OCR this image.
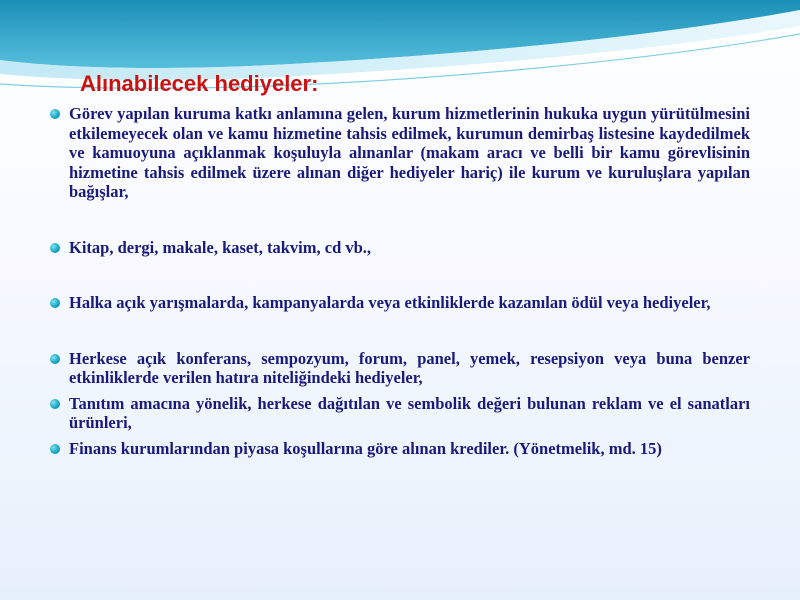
Alınabilecek hediyeler:
Görev yapılan kuruma katkı anlamına gelen, kurum hizmetlerinin hukuka uygun yürütülmesini etkilemeyecek olan ve kamu hizmetine tahsis edilmek, kurumun demirbaş listesine kaydedilmek ve kamuoyuna açıklanmak koşuluyla alınanlar (makam aracı ve belli bir kamu görevlisinin hizmetine tahsis edilmek üzere alınan diğer hediyeler hariç) ile kurum ve kuruluşlara yapılan bağışlar,
Kitap, dergi, makale, kaset, takvim, cd vb.,
Halka açık yarışmalarda, kampanyalarda veya etkinliklerde kazanılan ödül veya hediyeler,
Herkese açık konferans, sempozyum, forum, panel, yemek, resepsiyon veya buna benzer etkinliklerde verilen hatıra niteliğindeki hediyeler,
Tanıtım amacına yönelik, herkese dağıtılan ve sembolik değeri bulunan reklam ve el sanatları ürünleri,
Finans kurumlarından piyasa koşullarına göre alınan krediler. (Yönetmelik, md. 15)
